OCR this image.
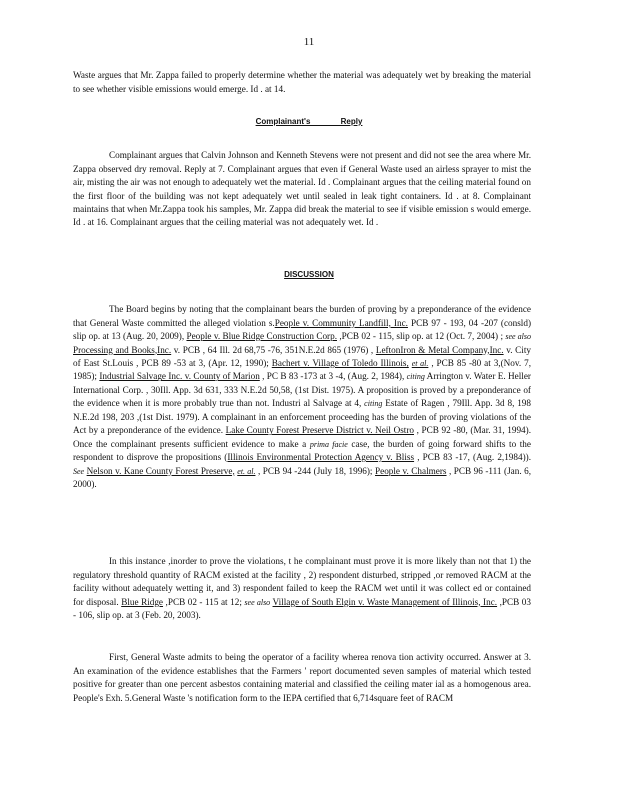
11

Waste argues that Mr. Zappa failed to properly determine whether the material was adequately wet by breaking the material to see whether visible emissions would emerge. Id . at 14.

Complainant's Reply

Complainant argues that Calvin Johnson and Kenneth Stevens were not present and did not see the area where Mr. Zappa observed dry removal. Reply at 7. Complainant argues that even if General Waste used an airless sprayer to mist the air, misting the air was not enough to adequately wet the material. Id . Complainant argues that the ceiling material found on the first floor of the building was not kept adequately wet until sealed in leak tight containers. Id . at 8. Complainant maintains that when Mr.Zappa took his samples, Mr. Zappa did break the material to see if visible emission s would emerge. Id . at 16. Complainant argues that the ceiling material was not adequately wet. Id .

DISCUSSION

The Board begins by noting that the complainant bears the burden of proving by a preponderance of the evidence that General Waste committed the alleged violation s.People v. Community Landfill, Inc. PCB 97 - 193, 04 -207 (consld) slip op. at 13 (Aug. 20, 2009), People v. Blue Ridge Construction Corp. ,PCB 02 - 115, slip op. at 12 (Oct. 7, 2004) ; see also Processing and Books,Inc. v. PCB , 64 Ill. 2d 68,75 -76, 351N.E.2d 865 (1976) , LeftonIron & Metal Company,Inc. v. City of East St.Louis , PCB 89 -53 at 3, (Apr. 12, 1990); Bachert v. Village of Toledo Illinois, et al. , PCB 85 -80 at 3,(Nov. 7, 1985); Industrial Salvage Inc. v. County of Marion , PC B 83 -173 at 3 -4, (Aug. 2, 1984), citing Arrington v. Water E. Heller International Corp. , 30Ill. App. 3d 631, 333 N.E.2d 50,58, (1st Dist. 1975). A proposition is proved by a preponderance of the evidence when it is more probably true than not. Industri al Salvage at 4, citing Estate of Ragen , 79Ill. App. 3d 8, 198 N.E.2d 198, 203 ,(1st Dist. 1979). A complainant in an enforcement proceeding has the burden of proving violations of the Act by a preponderance of the evidence. Lake County Forest Preserve District v. Neil Ostro , PCB 92 -80, (Mar. 31, 1994). Once the complainant presents sufficient evidence to make a prima facie case, the burden of going forward shifts to the respondent to disprove the propositions (Illinois Environmental Protection Agency v. Bliss , PCB 83 -17, (Aug. 2,1984)). See Nelson v. Kane County Forest Preserve, et. al. , PCB 94 -244 (July 18, 1996); People v. Chalmers , PCB 96 -111 (Jan. 6, 2000).

In this instance ,inorder to prove the violations, t he complainant must prove it is more likely than not that 1) the regulatory threshold quantity of RACM existed at the facility , 2) respondent disturbed, stripped ,or removed RACM at the facility without adequately wetting it, and 3) respondent failed to keep the RACM wet until it was collect ed or contained for disposal. Blue Ridge ,PCB 02 - 115 at 12; see also Village of South Elgin v. Waste Management of Illinois, Inc. ,PCB 03 - 106, slip op. at 3 (Feb. 20, 2003).

First, General Waste admits to being the operator of a facility wherea renova tion activity occurred. Answer at 3. An examination of the evidence establishes that the Farmers ' report documented seven samples of material which tested positive for greater than one percent asbestos containing material and classified the ceiling mater ial as a homogenous area. People's Exh. 5.General Waste 's notification form to the IEPA certified that 6,714square feet of RACM
